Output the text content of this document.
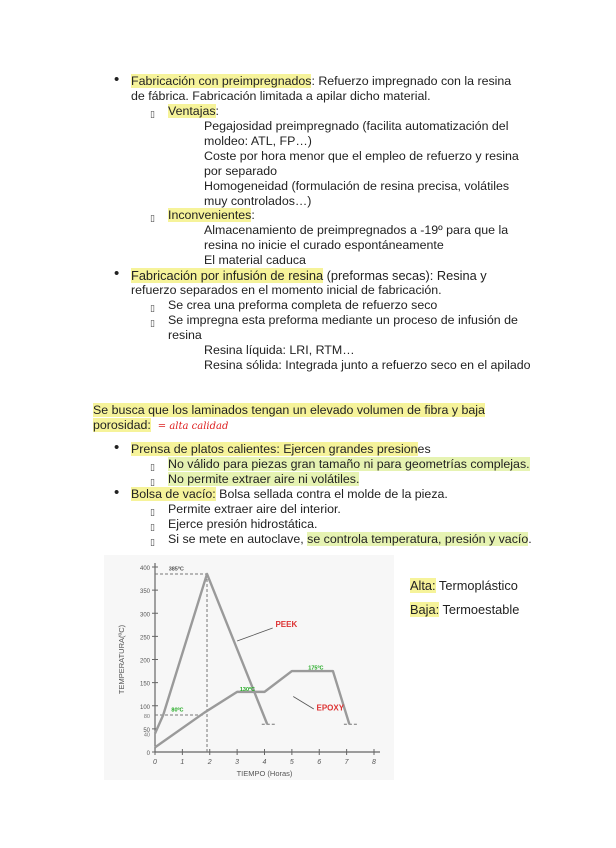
• Fabricación con preimpregnados: Refuerzo impregnado con la resina
de fábrica. Fabricación limitada a apilar dicho material.
▯ Ventajas:
Pegajosidad preimpregnado (facilita automatización del
moldeo: ATL, FP…)
Coste por hora menor que el empleo de refuerzo y resina
por separado
Homogeneidad (formulación de resina precisa, volátiles
muy controlados…)
▯ Inconvenientes:
Almacenamiento de preimpregnados a -19º para que la
resina no inicie el curado espontáneamente
El material caduca
• Fabricación por infusión de resina (preformas secas): Resina y
refuerzo separados en el momento inicial de fabricación.
▯ Se crea una preforma completa de refuerzo seco
▯ Se impregna esta preforma mediante un proceso de infusión de
resina
Resina líquida: LRI, RTM…
Resina sólida: Integrada junto a refuerzo seco en el apilado
Se busca que los laminados tengan un elevado volumen de fibra y baja
porosidad: = alta calidad
• Prensa de platos calientes: Ejercen grandes presiones
▯ No válido para piezas gran tamaño ni para geometrías complejas.
▯ No permite extraer aire ni volátiles.
• Bolsa de vacío: Bolsa sellada contra el molde de la pieza.
▯ Permite extraer aire del interior.
▯ Ejerce presión hidrostática.
▯ Si se mete en autoclave, se controla temperatura, presión y vacío.
Alta: Termoplástico
Baja: Termoestable
0
50
100
150
200
250
300
350
400
40
80
0	1	2	3	4	5	6	7	8
TIEMPO (Horas)
TEMPERATURA(ºC)
PEEK
EPOXY
385ºC
80ºC
130ºC
175ºC
